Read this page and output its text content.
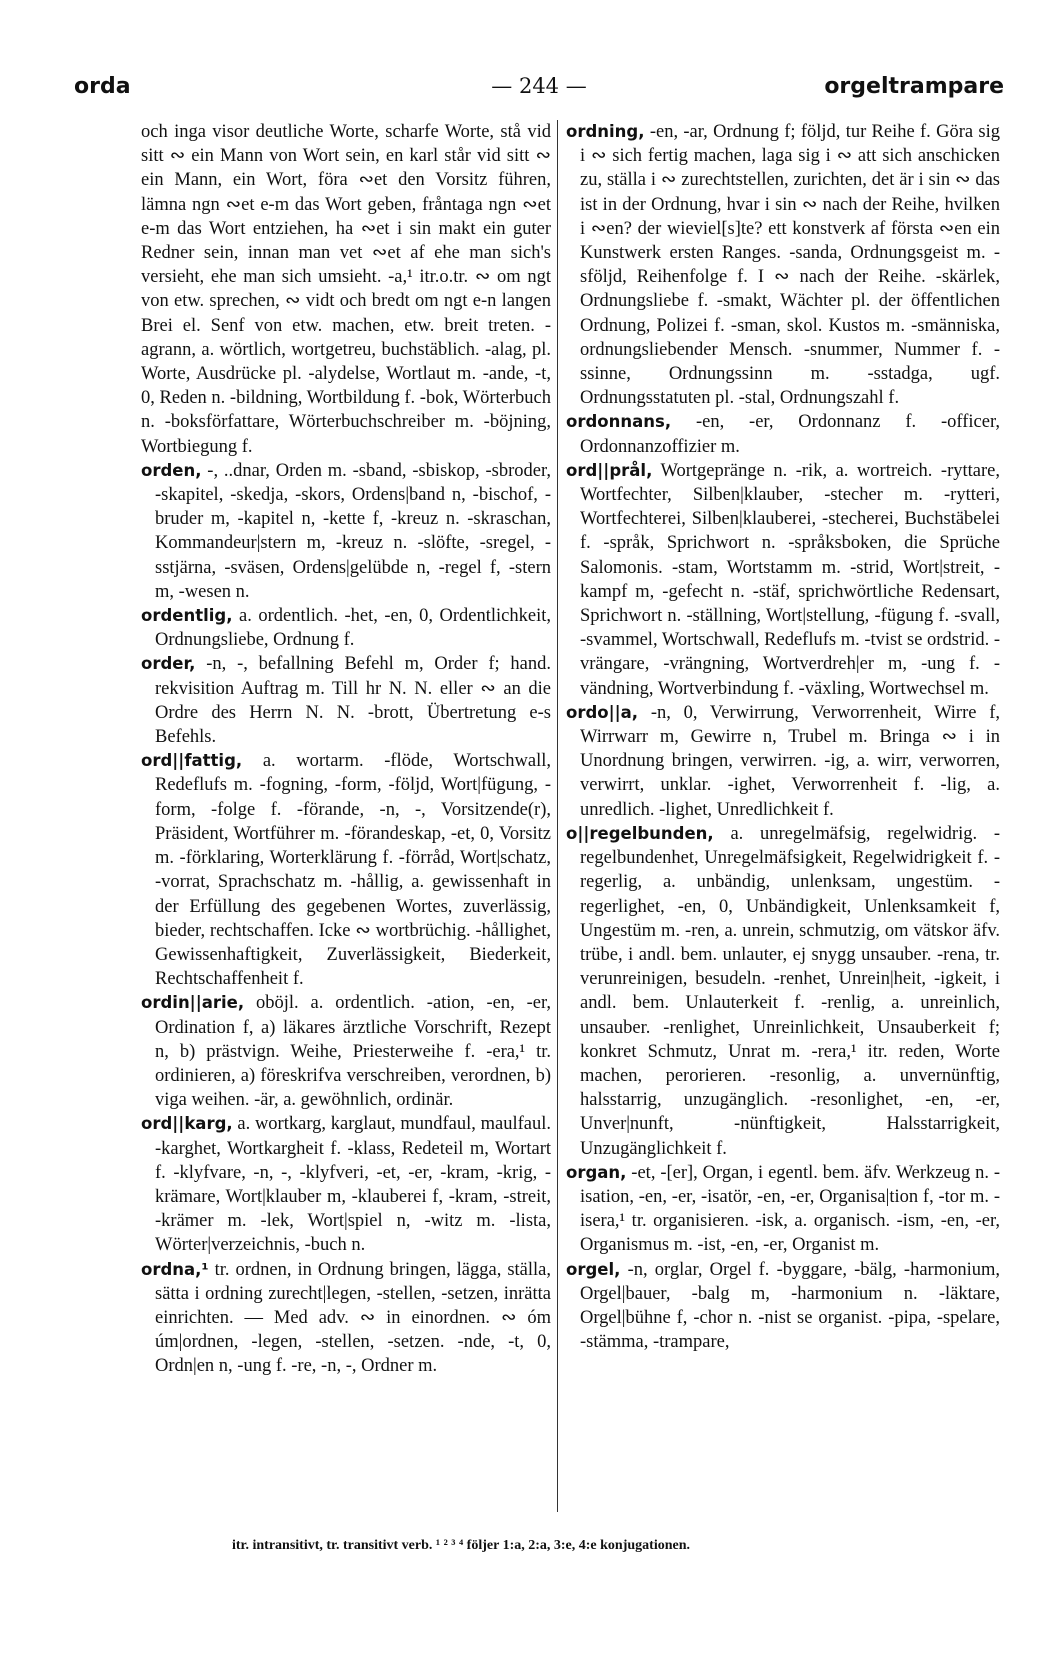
orda	— 244 —	orgeltrampare

och inga visor deutliche Worte, scharfe Worte, stå vid sitt ∾ ein Mann von Wort sein, en karl står vid sitt ∾ ein Mann, ein Wort, föra ∾et den Vorsitz führen, lämna ngn ∾et e-m das Wort geben, fråntaga ngn ∾et e-m das Wort entziehen, ha ∾et i sin makt ein guter Redner sein, innan man vet ∾et af ehe man sich's versieht, ehe man sich umsieht. -a,¹ itr.o.tr. ∾ om ngt von etw. sprechen, ∾ vidt och bredt om ngt e-n langen Brei el. Senf von etw. machen, etw. breit treten. -agrann, a. wörtlich, wortgetreu, buchstäblich. -alag, pl. Worte, Ausdrücke pl. -alydelse, Wortlaut m. -ande, -t, 0, Reden n. -bildning, Wortbildung f. -bok, Wörterbuch n. -boksförfattare, Wörterbuchschreiber m. -böjning, Wortbiegung f.

orden, -, ..dnar, Orden m. -sband, -sbiskop, -sbroder, -skapitel, -skedja, -skors, Ordens|band n, -bischof, -bruder m, -kapitel n, -kette f, -kreuz n. -skraschan, Kommandeur|stern m, -kreuz n. -slöfte, -sregel, -sstjärna, -sväsen, Ordens|gelübde n, -regel f, -stern m, -wesen n.

ordentlig, a. ordentlich. -het, -en, 0, Ordentlichkeit, Ordnungsliebe, Ordnung f.

order, -n, -, befallning Befehl m, Order f; hand. rekvisition Auftrag m. Till hr N. N. eller ∾ an die Ordre des Herrn N. N. -brott, Übertretung e-s Befehls.

ord||fattig, a. wortarm. -flöde, Wortschwall, Redeflufs m. -fogning, -form, -följd, Wort|fügung, -form, -folge f. -förande, -n, -, Vorsitzende(r), Präsident, Wortführer m. -förandeskap, -et, 0, Vorsitz m. -förklaring, Worterklärung f. -förråd, Wort|schatz, -vorrat, Sprachschatz m. -hållig, a. gewissenhaft in der Erfüllung des gegebenen Wortes, zuverlässig, bieder, rechtschaffen. Icke ∾ wortbrüchig. -hållighet, Gewissenhaftigkeit, Zuverlässigkeit, Biederkeit, Rechtschaffenheit f.

ordin||arie, oböjl. a. ordentlich. -ation, -en, -er, Ordination f, a) läkares ärztliche Vorschrift, Rezept n, b) prästvign. Weihe, Priesterweihe f. -era,¹ tr. ordinieren, a) föreskrifva verschreiben, verordnen, b) viga weihen. -är, a. gewöhnlich, ordinär.

ord||karg, a. wortkarg, karglaut, mundfaul, maulfaul. -karghet, Wortkargheit f. -klass, Redeteil m, Wortart f. -klyfvare, -n, -, -klyfveri, -et, -er, -kram, -krig, -krämare, Wort|klauber m, -klauberei f, -kram, -streit, -krämer m. -lek, Wort|spiel n, -witz m. -lista, Wörter|verzeichnis, -buch n.

ordna,¹ tr. ordnen, in Ordnung bringen, lägga, ställa, sätta i ordning zurecht|legen, -stellen, -setzen, inrätta einrichten. — Med adv. ∾ in einordnen. ∾ óm úm|ordnen, -legen, -stellen, -setzen. -nde, -t, 0, Ordn|en n, -ung f. -re, -n, -, Ordner m.

ordning, -en, -ar, Ordnung f; följd, tur Reihe f. Göra sig i ∾ sich fertig machen, laga sig i ∾ att sich anschicken zu, ställa i ∾ zurechtstellen, zurichten, det är i sin ∾ das ist in der Ordnung, hvar i sin ∾ nach der Reihe, hvilken i ∾en? der wieviel[s]te? ett konstverk af första ∾en ein Kunstwerk ersten Ranges. -sanda, Ordnungsgeist m. -sföljd, Reihenfolge f. I ∾ nach der Reihe. -skärlek, Ordnungsliebe f. -smakt, Wächter pl. der öffentlichen Ordnung, Polizei f. -sman, skol. Kustos m. -smänniska, ordnungsliebender Mensch. -snummer, Nummer f. -ssinne, Ordnungssinn m. -sstadga, ugf. Ordnungsstatuten pl. -stal, Ordnungszahl f.

ordonnans, -en, -er, Ordonnanz f. -officer, Ordonnanzoffizier m.

ord||prål, Wortgepränge n. -rik, a. wortreich. -ryttare, Wortfechter, Silben|klauber, -stecher m. -rytteri, Wortfechterei, Silben|klauberei, -stecherei, Buchstäbelei f. -språk, Sprichwort n. -språksboken, die Sprüche Salomonis. -stam, Wortstamm m. -strid, Wort|streit, -kampf m, -gefecht n. -stäf, sprichwörtliche Redensart, Sprichwort n. -ställning, Wort|stellung, -fügung f. -svall, -svammel, Wortschwall, Redeflufs m. -tvist se ordstrid. -vrängare, -vrängning, Wortverdreh|er m, -ung f. -vändning, Wortverbindung f. -växling, Wortwechsel m.

ordo||a, -n, 0, Verwirrung, Verworrenheit, Wirre f, Wirrwarr m, Gewirre n, Trubel m. Bringa ∾ i in Unordnung bringen, verwirren. -ig, a. wirr, verworren, verwirrt, unklar. -ighet, Verworrenheit f. -lig, a. unredlich. -lighet, Unredlichkeit f.

o||regelbunden, a. unregelmäfsig, regelwidrig. -regelbundenhet, Unregelmäfsigkeit, Regelwidrigkeit f. -regerlig, a. unbändig, unlenksam, ungestüm. -regerlighet, -en, 0, Unbändigkeit, Unlenksamkeit f, Ungestüm m. -ren, a. unrein, schmutzig, om vätskor äfv. trübe, i andl. bem. unlauter, ej snygg unsauber. -rena, tr. verunreinigen, besudeln. -renhet, Unrein|heit, -igkeit, i andl. bem. Unlauterkeit f. -renlig, a. unreinlich, unsauber. -renlighet, Unreinlichkeit, Unsauberkeit f; konkret Schmutz, Unrat m. -rera,¹ itr. reden, Worte machen, perorieren. -resonlig, a. unvernünftig, halsstarrig, unzugänglich. -resonlighet, -en, -er, Unver|nunft, -nünftigkeit, Halsstarrigkeit, Unzugänglichkeit f.

organ, -et, -[er], Organ, i egentl. bem. äfv. Werkzeug n. -isation, -en, -er, -isatör, -en, -er, Organisa|tion f, -tor m. -isera,¹ tr. organisieren. -isk, a. organisch. -ism, -en, -er, Organismus m. -ist, -en, -er, Organist m.

orgel, -n, orglar, Orgel f. -byggare, -bälg, -harmonium, Orgel|bauer, -balg m, -harmonium n. -läktare, Orgel|bühne f, -chor n. -nist se organist. -pipa, -spelare, -stämma, -trampare,

itr. intransitivt, tr. transitivt verb. ¹ ² ³ ⁴ följer 1:a, 2:a, 3:e, 4:e konjugationen.
